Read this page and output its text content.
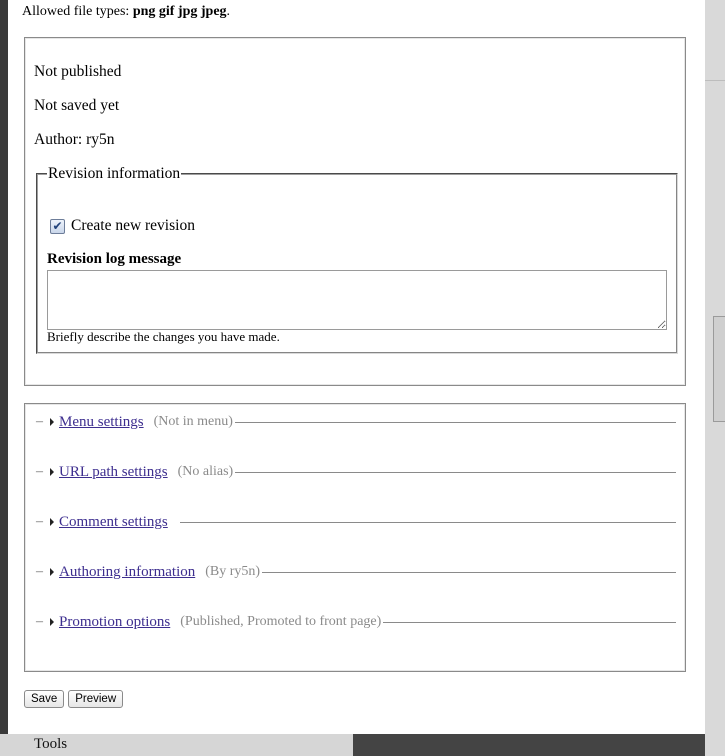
Tools
Allowed file types: png gif jpg jpeg.
Not published
Not saved yet
Author: ry5n
Revision information
✔ Create new revision
Revision log message
Briefly describe the changes you have made.
–	Menu settings (Not in menu)
–	URL path settings (No alias)
–	Comment settings
–	Authoring information (By ry5n)
–	Promotion options (Published, Promoted to front page)
Save	Preview
